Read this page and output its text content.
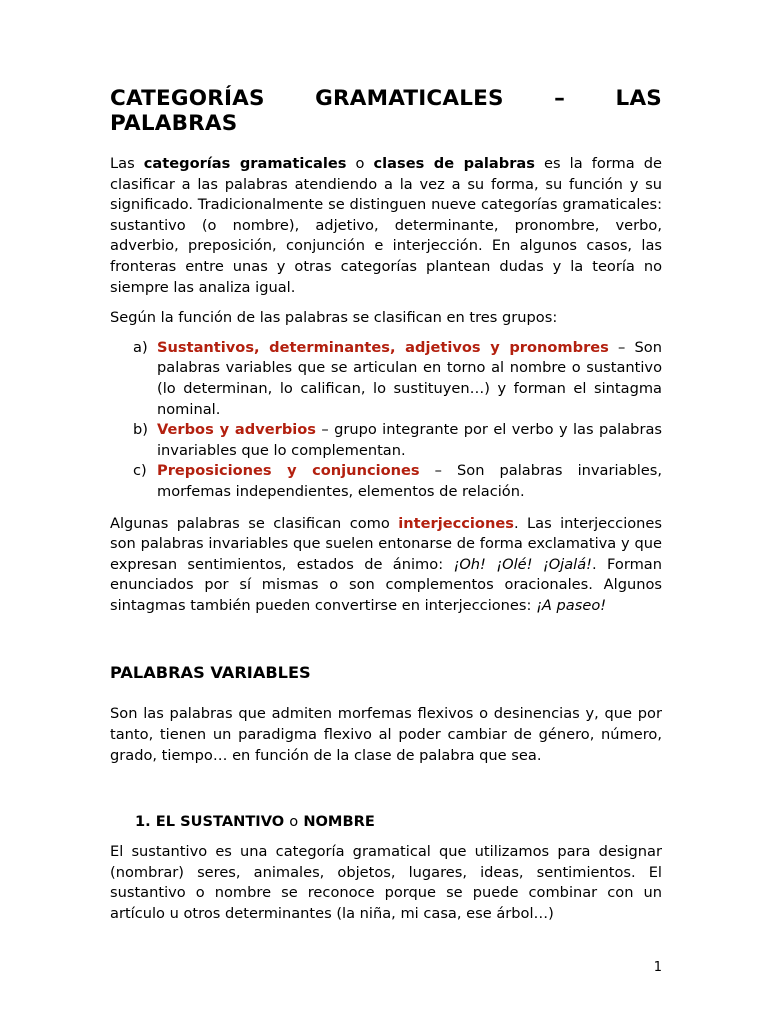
CATEGORÍAS GRAMATICALES – LAS
PALABRAS

Las categorías gramaticales o clases de palabras es la forma de clasificar a las palabras atendiendo a la vez a su forma, su función y su significado. Tradicionalmente se distinguen nueve categorías gramaticales: sustantivo (o nombre), adjetivo, determinante, pronombre, verbo, adverbio, preposición, conjunción e interjección. En algunos casos, las fronteras entre unas y otras categorías plantean dudas y la teoría no siempre las analiza igual.

Según la función de las palabras se clasifican en tres grupos:

a) Sustantivos, determinantes, adjetivos y pronombres – Son palabras variables que se articulan en torno al nombre o sustantivo (lo determinan, lo califican, lo sustituyen…) y forman el sintagma nominal.
b) Verbos y adverbios – grupo integrante por el verbo y las palabras invariables que lo complementan.
c) Preposiciones y conjunciones – Son palabras invariables, morfemas independientes, elementos de relación.

Algunas palabras se clasifican como interjecciones. Las interjecciones son palabras invariables que suelen entonarse de forma exclamativa y que expresan sentimientos, estados de ánimo: ¡Oh! ¡Olé! ¡Ojalá!. Forman enunciados por sí mismas o son complementos oracionales. Algunos sintagmas también pueden convertirse en interjecciones: ¡A paseo!

PALABRAS VARIABLES

Son las palabras que admiten morfemas flexivos o desinencias y, que por tanto, tienen un paradigma flexivo al poder cambiar de género, número, grado, tiempo… en función de la clase de palabra que sea.

1. EL SUSTANTIVO o NOMBRE

El sustantivo es una categoría gramatical que utilizamos para designar (nombrar) seres, animales, objetos, lugares, ideas, sentimientos. El sustantivo o nombre se reconoce porque se puede combinar con un artículo u otros determinantes (la niña, mi casa, ese árbol…)

1
